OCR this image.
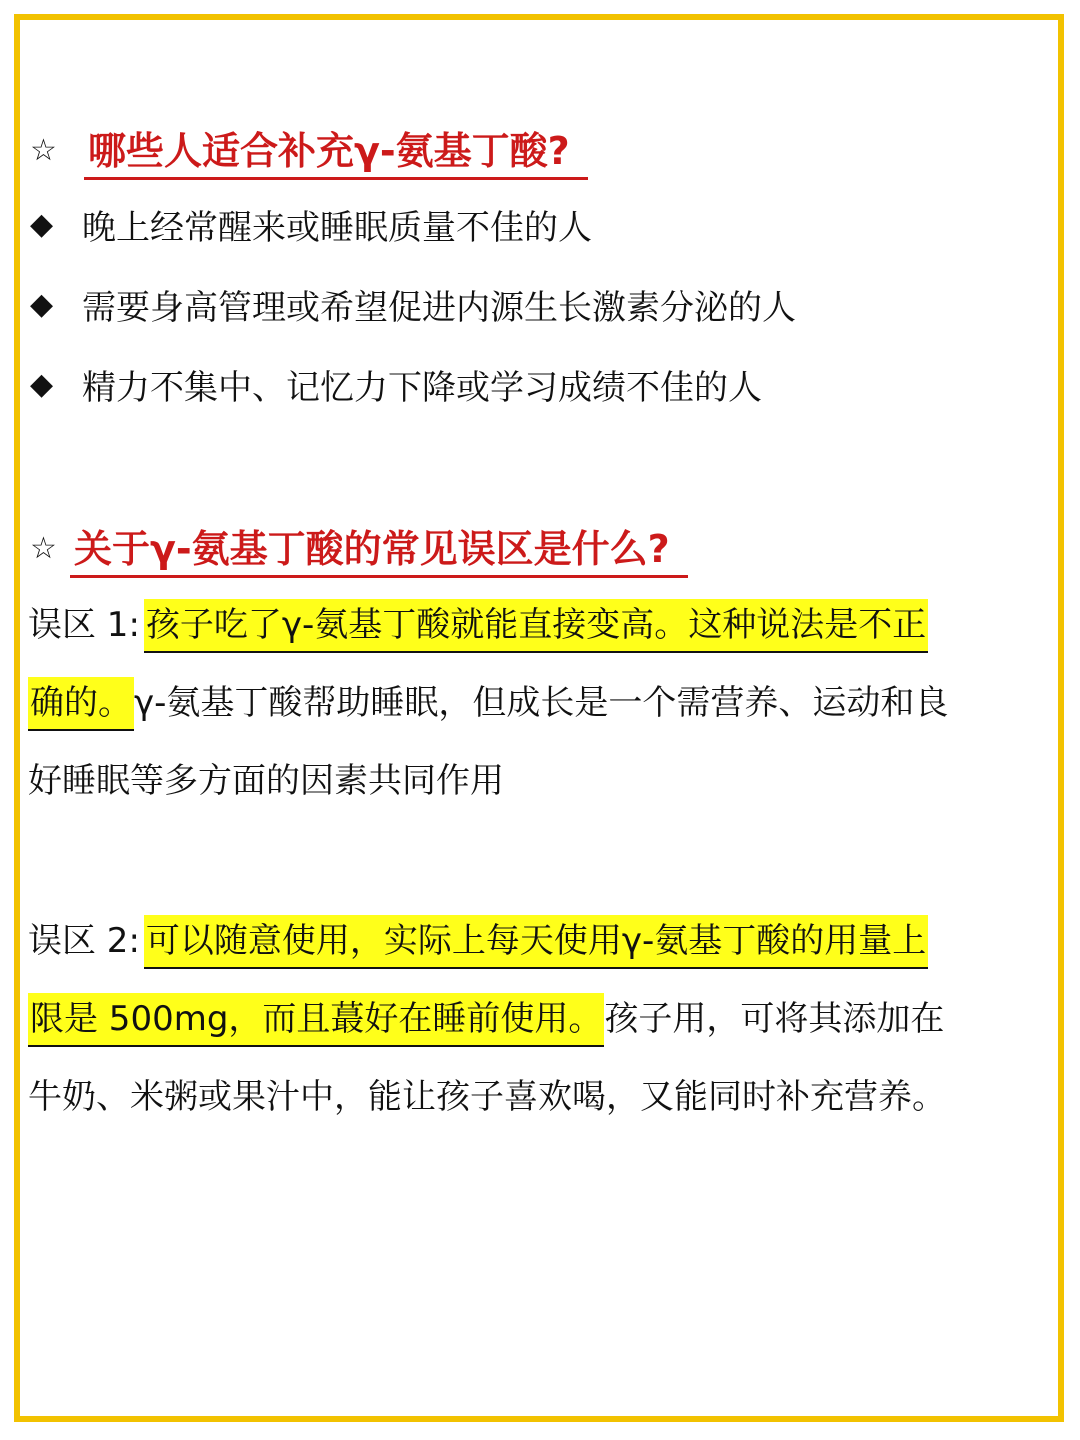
☆ 哪些人适合补充γ-氨基丁酸?
◆ 晚上经常醒来或睡眠质量不佳的人
◆ 需要身高管理或希望促进内源生长激素分泌的人
◆ 精力不集中、记忆力下降或学习成绩不佳的人
☆ 关于γ-氨基丁酸的常见误区是什么?
误区 1: 孩子吃了γ-氨基丁酸就能直接变高。这种说法是不正
确的。γ-氨基丁酸帮助睡眠，但成长是一个需营养、运动和良
好睡眠等多方面的因素共同作用
误区 2: 可以随意使用，实际上每天使用γ-氨基丁酸的用量上
限是 500mg，而且蕞好在睡前使用。孩子用，可将其添加在
牛奶、米粥或果汁中，能让孩子喜欢喝，又能同时补充营养。
